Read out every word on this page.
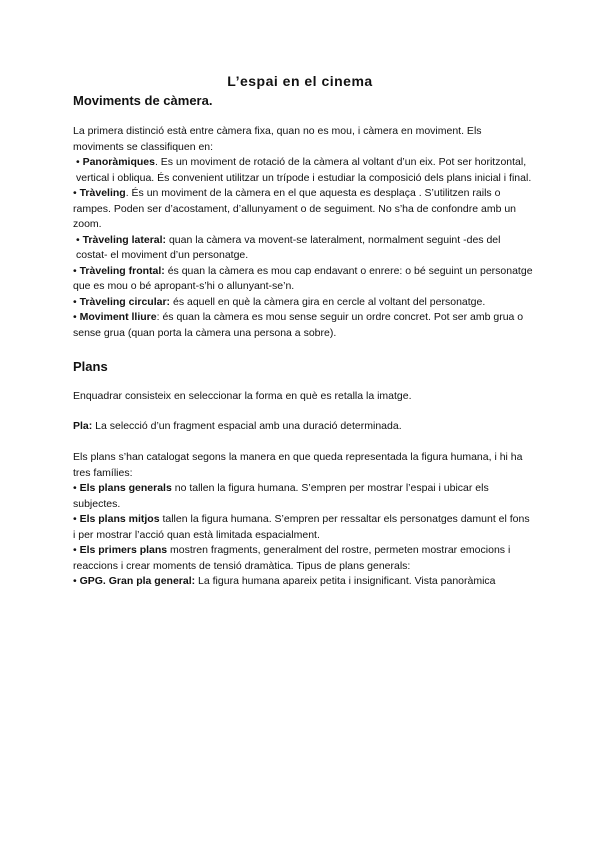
L’espai en el cinema
Moviments de càmera.

La primera distinció està entre càmera fixa, quan no es mou, i càmera en moviment. Els moviments se classifiquen en:

• Panoràmiques. Es un moviment de rotació de la càmera al voltant d’un eix. Pot ser horitzontal, vertical i obliqua. És convenient utilitzar un trípode i estudiar la composició dels plans inicial i final.

• Tràveling. És un moviment de la càmera en el que aquesta es desplaça . S’utilitzen rails o rampes. Poden ser d’acostament, d’allunyament o de seguiment. No s’ha de confondre amb un zoom.

• Tràveling lateral: quan la càmera va movent-se lateralment, normalment seguint -des del costat- el moviment d’un personatge.

• Tràveling frontal: és quan la càmera es mou cap endavant o enrere: o bé seguint un personatge que es mou o bé apropant-s’hi o allunyant-se’n.

• Tràveling circular: és aquell en què la càmera gira en cercle al voltant del personatge.

• Moviment lliure: és quan la càmera es mou sense seguir un ordre concret. Pot ser amb grua o sense grua (quan porta la càmera una persona a sobre).

Plans

Enquadrar consisteix en seleccionar la forma en què es retalla la imatge.

Pla: La selecció d’un fragment espacial amb una duració determinada.

Els plans s’han catalogat segons la manera en que queda representada la figura humana, i hi ha tres famílies:

• Els plans generals no tallen la figura humana. S’empren per mostrar l’espai i ubicar els subjectes.

• Els plans mitjos tallen la figura humana. S’empren per ressaltar els personatges damunt el fons i per mostrar l’acció quan està limitada espacialment.

• Els primers plans mostren fragments, generalment del rostre, permeten mostrar emocions i reaccions i crear moments de tensió dramàtica. Tipus de plans generals:

• GPG. Gran pla general: La figura humana apareix petita i insignificant. Vista panoràmica
